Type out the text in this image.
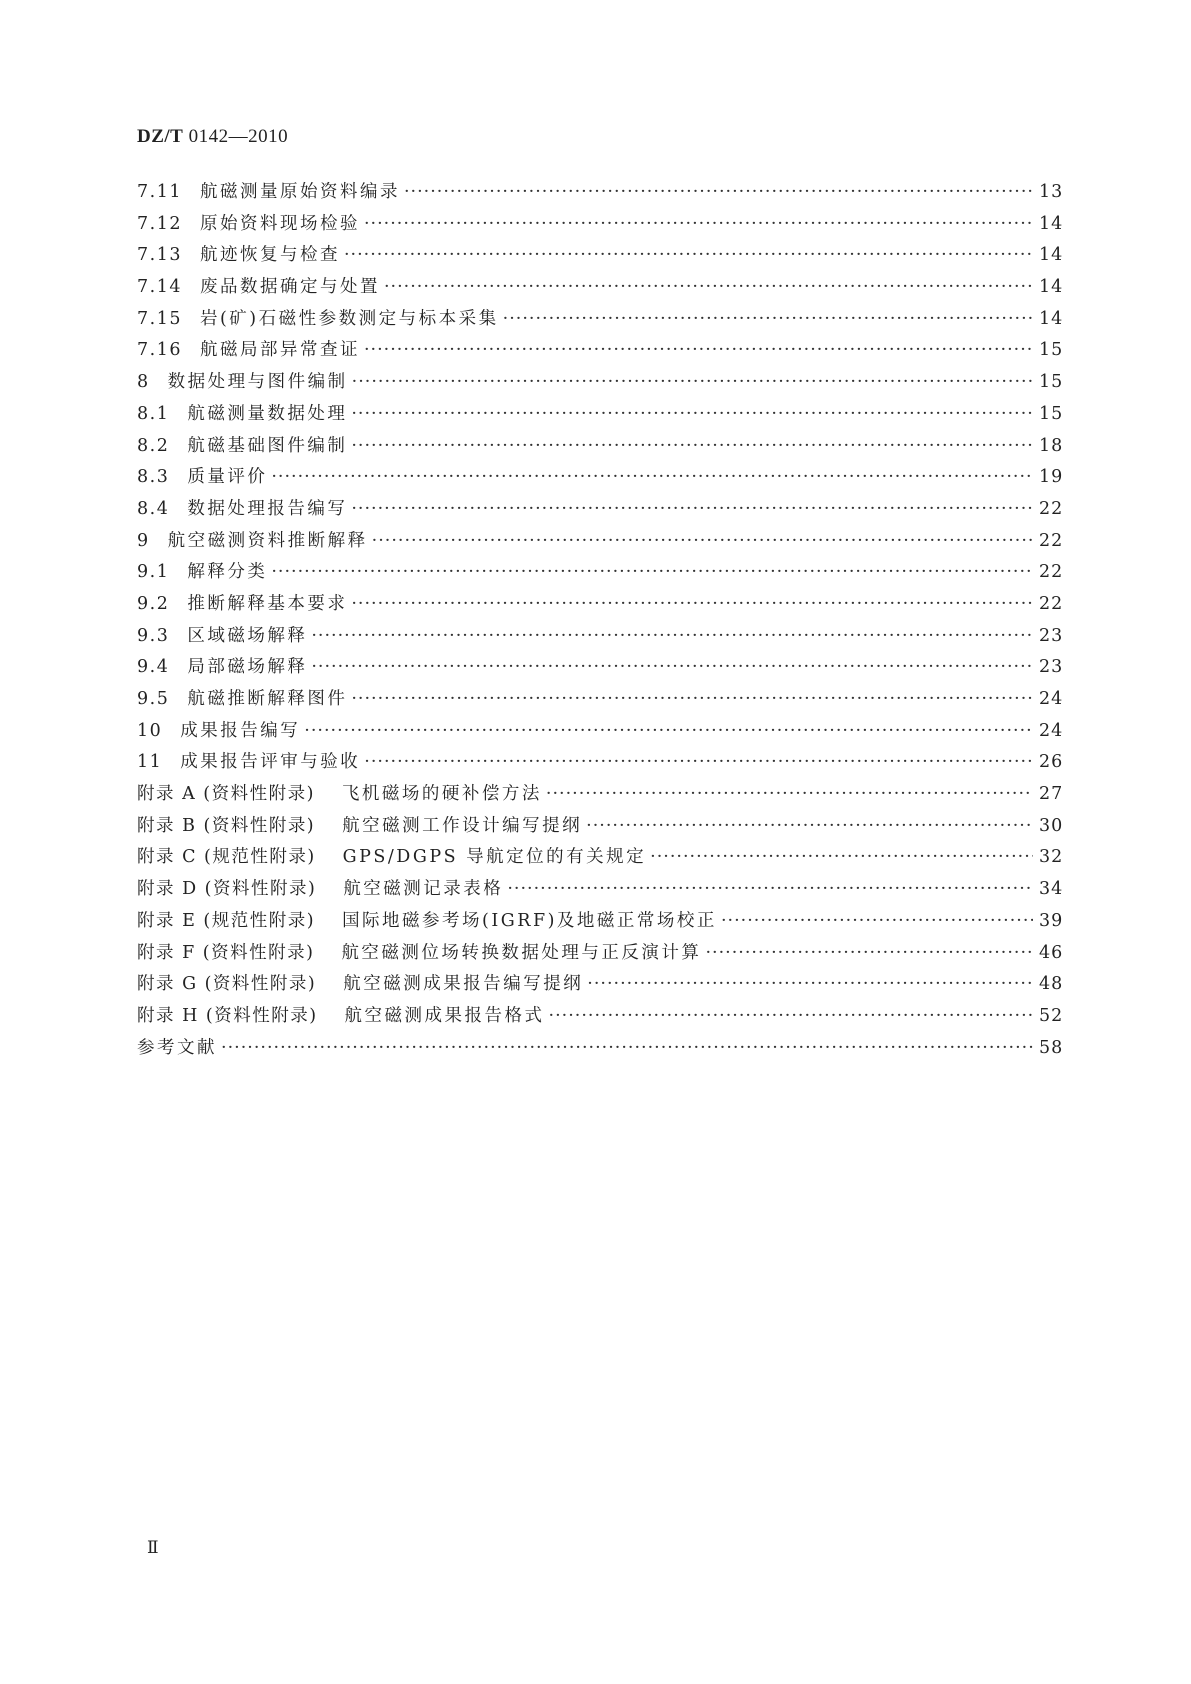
DZ/T 0142—2010
7.11 航磁测量原始资料编录 ·····	13
7.12 原始资料现场检验 ·····	14
7.13 航迹恢复与检查 ·····	14
7.14 废品数据确定与处置 ·····	14
7.15 岩(矿)石磁性参数测定与标本采集 ·····	14
7.16 航磁局部异常查证 ·····	15
8 数据处理与图件编制 ·····	15
8.1 航磁测量数据处理 ·····	15
8.2 航磁基础图件编制 ·····	18
8.3 质量评价 ·····	19
8.4 数据处理报告编写 ·····	22
9 航空磁测资料推断解释 ·····	22
9.1 解释分类 ·····	22
9.2 推断解释基本要求 ·····	22
9.3 区域磁场解释 ·····	23
9.4 局部磁场解释 ·····	23
9.5 航磁推断解释图件 ·····	24
10 成果报告编写 ·····	24
11 成果报告评审与验收 ·····	26
附录 A (资料性附录) 飞机磁场的硬补偿方法 ·····	27
附录 B (资料性附录) 航空磁测工作设计编写提纲 ·····	30
附录 C (规范性附录) GPS/DGPS 导航定位的有关规定 ·····	32
附录 D (资料性附录) 航空磁测记录表格 ·····	34
附录 E (规范性附录) 国际地磁参考场(IGRF)及地磁正常场校正 ·····	39
附录 F (资料性附录) 航空磁测位场转换数据处理与正反演计算 ·····	46
附录 G (资料性附录) 航空磁测成果报告编写提纲 ·····	48
附录 H (资料性附录) 航空磁测成果报告格式 ·····	52
参考文献 ·····	58
Ⅱ
